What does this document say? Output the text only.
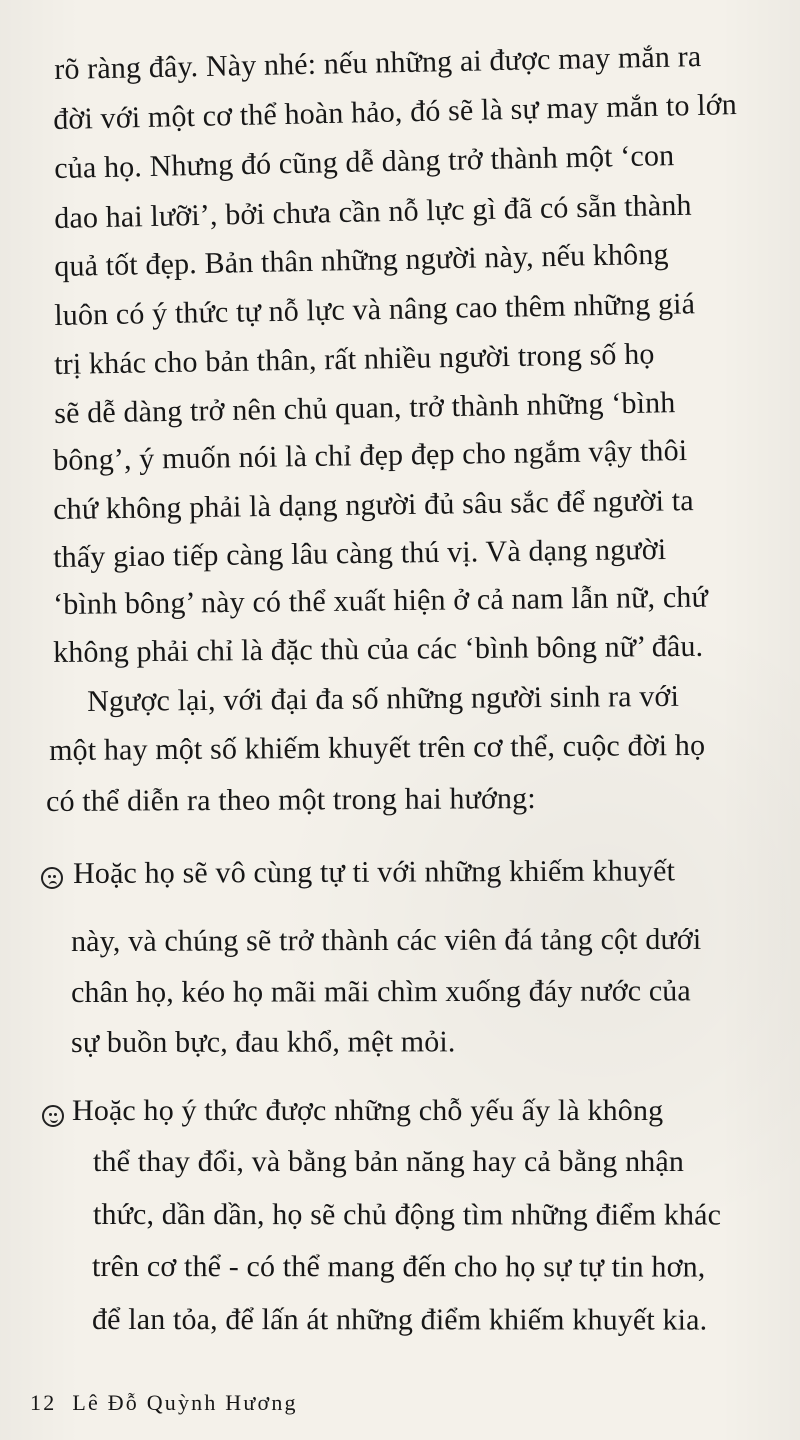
rõ ràng đây. Này nhé: nếu những ai được may mắn ra
đời với một cơ thể hoàn hảo, đó sẽ là sự may mắn to lớn
của họ. Nhưng đó cũng dễ dàng trở thành một ‘con
dao hai lưỡi’, bởi chưa cần nỗ lực gì đã có sẵn thành
quả tốt đẹp. Bản thân những người này, nếu không
luôn có ý thức tự nỗ lực và nâng cao thêm những giá
trị khác cho bản thân, rất nhiều người trong số họ
sẽ dễ dàng trở nên chủ quan, trở thành những ‘bình
bông’, ý muốn nói là chỉ đẹp đẹp cho ngắm vậy thôi
chứ không phải là dạng người đủ sâu sắc để người ta
thấy giao tiếp càng lâu càng thú vị. Và dạng người
‘bình bông’ này có thể xuất hiện ở cả nam lẫn nữ, chứ
không phải chỉ là đặc thù của các ‘bình bông nữ’ đâu.
Ngược lại, với đại đa số những người sinh ra với
một hay một số khiếm khuyết trên cơ thể, cuộc đời họ
có thể diễn ra theo một trong hai hướng:
Hoặc họ sẽ vô cùng tự ti với những khiếm khuyết
này, và chúng sẽ trở thành các viên đá tảng cột dưới
chân họ, kéo họ mãi mãi chìm xuống đáy nước của
sự buồn bực, đau khổ, mệt mỏi.
Hoặc họ ý thức được những chỗ yếu ấy là không
thể thay đổi, và bằng bản năng hay cả bằng nhận
thức, dần dần, họ sẽ chủ động tìm những điểm khác
trên cơ thể - có thể mang đến cho họ sự tự tin hơn,
để lan tỏa, để lấn át những điểm khiếm khuyết kia.
12 Lê Đỗ Quỳnh Hương
